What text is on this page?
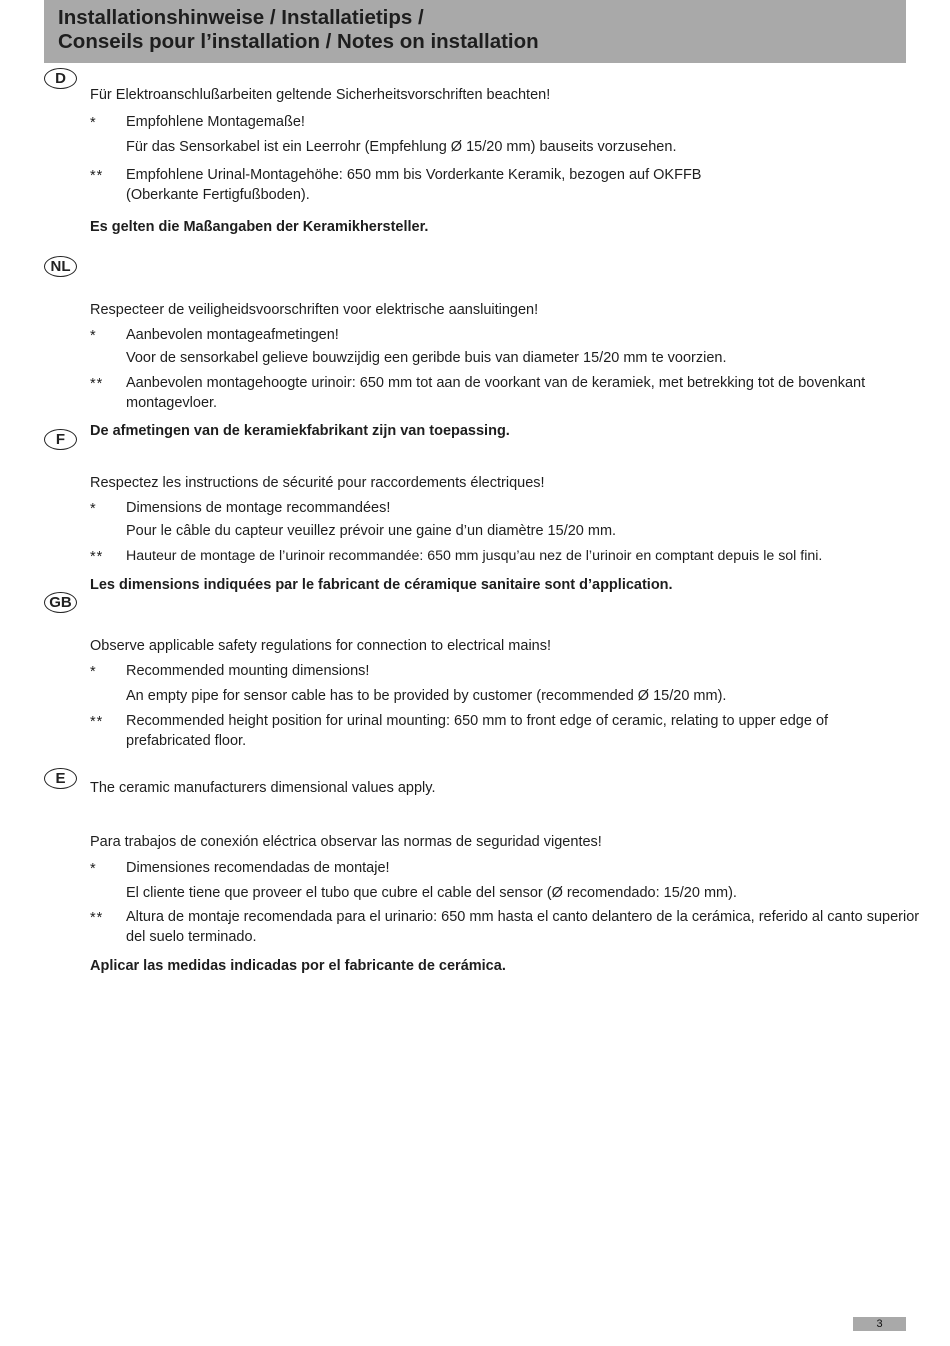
Installationshinweise / Installatietips /
Conseils pour l’installation / Notes on installation
D
Für Elektroanschlußarbeiten geltende Sicherheitsvorschriften beachten!
* Empfohlene Montagemaße!
Für das Sensorkabel ist ein Leerrohr (Empfehlung Ø 15/20 mm) bauseits vorzusehen.
** Empfohlene Urinal-Montagehöhe: 650 mm bis Vorderkante Keramik, bezogen auf OKFFB (Oberkante Fertigfußboden).
Es gelten die Maßangaben der Keramikhersteller.
NL
Respecteer de veiligheidsvoorschriften voor elektrische aansluitingen!
* Aanbevolen montageafmetingen!
Voor de sensorkabel gelieve bouwzijdig een geribde buis van diameter 15/20 mm te voorzien.
** Aanbevolen montagehoogte urinoir: 650 mm tot aan de voorkant van de keramiek, met betrekking tot de bovenkant montagevloer.
De afmetingen van de keramiekfabrikant zijn van toepassing.
F
Respectez les instructions de sécurité pour raccordements électriques!
* Dimensions de montage recommandées!
Pour le câble du capteur veuillez prévoir une gaine d’un diamètre 15/20 mm.
** Hauteur de montage de l’urinoir recommandée: 650 mm jusqu’au nez de l’urinoir en comptant depuis le sol fini.
Les dimensions indiquées par le fabricant de céramique sanitaire sont d’application.
GB
Observe applicable safety regulations for connection to electrical mains!
* Recommended mounting dimensions!
An empty pipe for sensor cable has to be provided by customer (recommended Ø 15/20 mm).
** Recommended height position for urinal mounting: 650 mm to front edge of ceramic, relating to upper edge of prefabricated floor.
The ceramic manufacturers dimensional values apply.
E
Para trabajos de conexión eléctrica observar las normas de seguridad vigentes!
* Dimensiones recomendadas de montaje!
El cliente tiene que proveer el tubo que cubre el cable del sensor (Ø recomendado: 15/20 mm).
** Altura de montaje recomendada para el urinario: 650 mm hasta el canto delantero de la cerámica, referido al canto superior del suelo terminado.
Aplicar las medidas indicadas por el fabricante de cerámica.
3
